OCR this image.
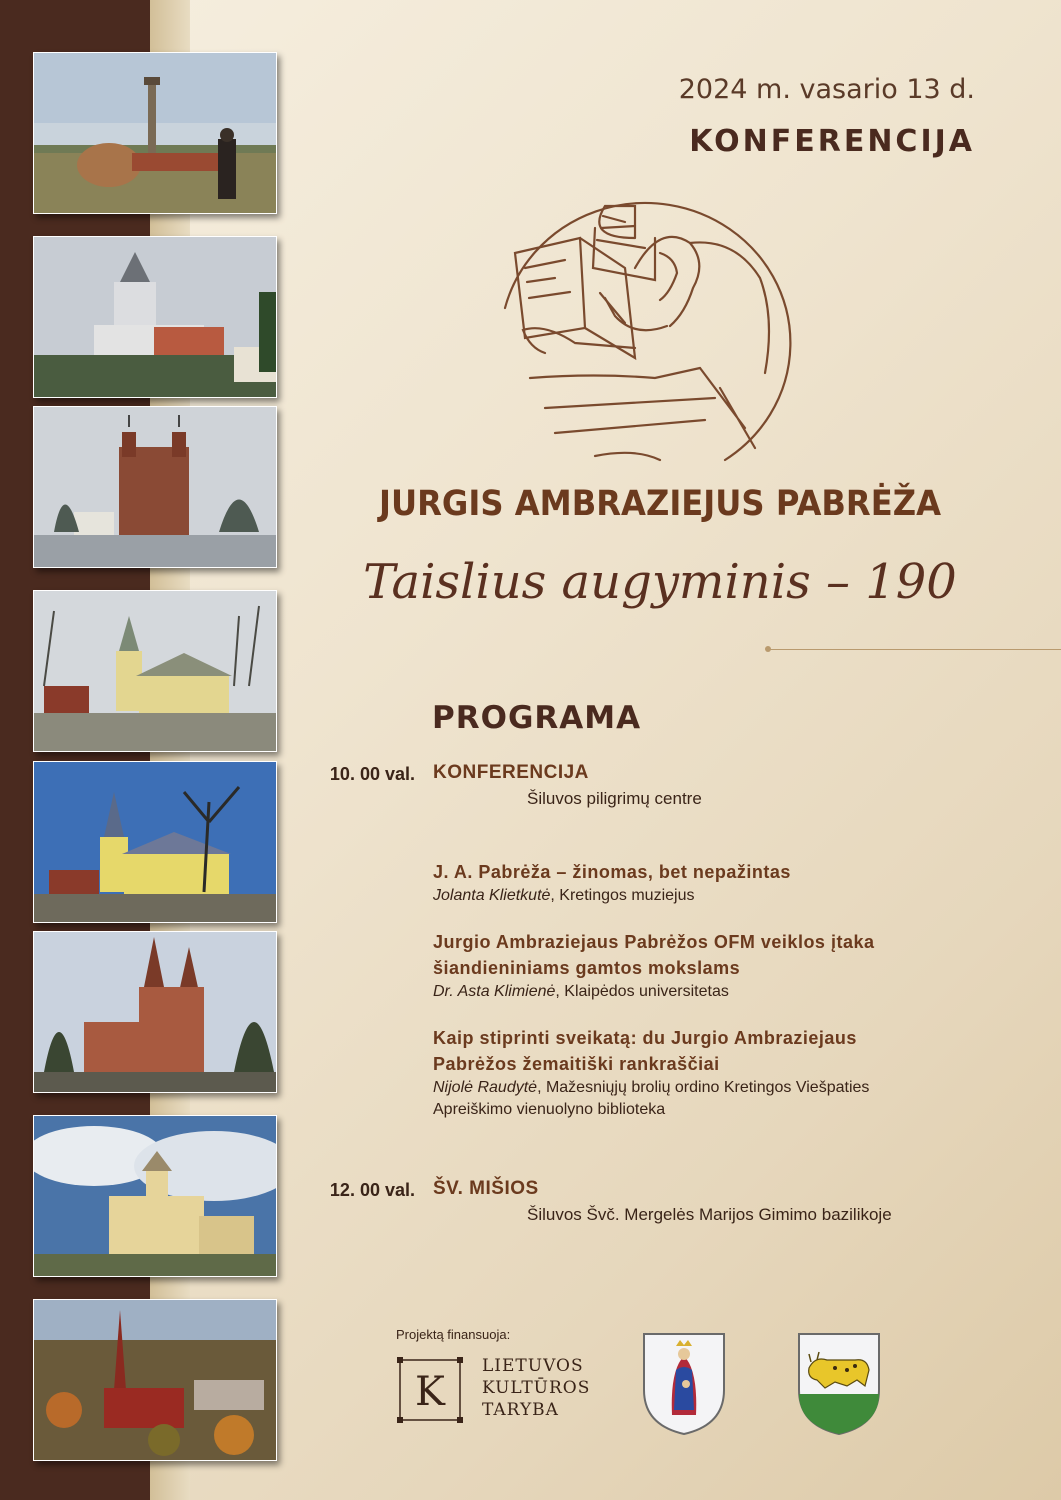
2024 m. vasario 13 d.
KONFERENCIJA
JURGIS AMBRAZIEJUS PABRĖŽA
Taislius augyminis – 190
PROGRAMA
10. 00 val. KONFERENCIJA
Šiluvos piligrimų centre
J. A. Pabrėža – žinomas, bet nepažintas
Jolanta Klietkutė, Kretingos muziejus
Jurgio Ambraziejaus Pabrėžos OFM veiklos įtaka
šiandieniniams gamtos mokslams
Dr. Asta Klimienė, Klaipėdos universitetas
Kaip stiprinti sveikatą: du Jurgio Ambraziejaus
Pabrėžos žemaitiški rankraščiai
Nijolė Raudytė, Mažesniųjų brolių ordino Kretingos Viešpaties
Apreiškimo vienuolyno biblioteka
12. 00 val. ŠV. MIŠIOS
Šiluvos Švč. Mergelės Marijos Gimimo bazilikoje
Projektą finansuoja:
K
LIETUVOS
KULTŪROS
TARYBA
